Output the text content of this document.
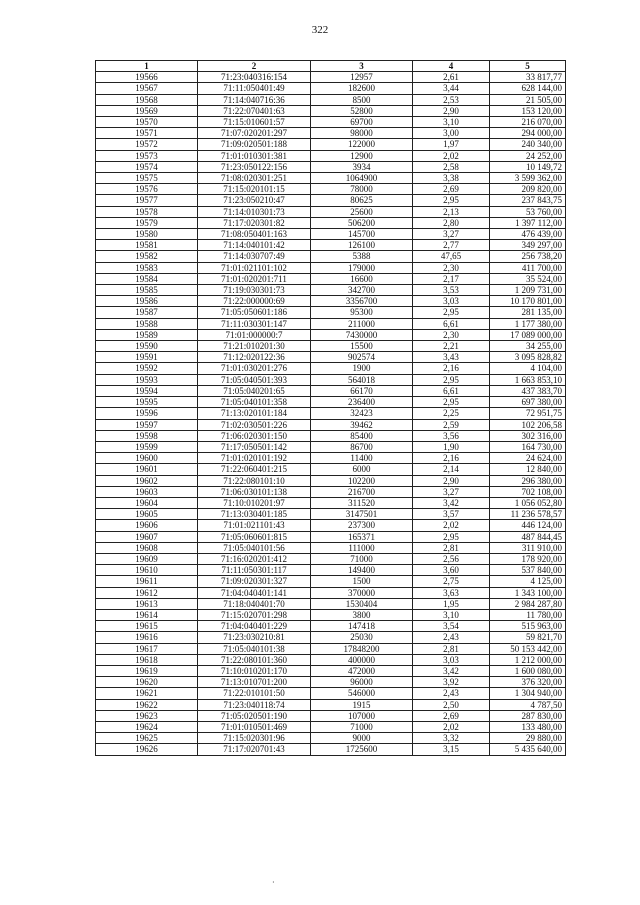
322
1	2	3	4	5
19566	71:23:040316:154	12957	2,61	33 817,77
19567	71:11:050401:49	182600	3,44	628 144,00
19568	71:14:040716:36	8500	2,53	21 505,00
19569	71:22:070401:63	52800	2,90	153 120,00
19570	71:15:010601:57	69700	3,10	216 070,00
19571	71:07:020201:297	98000	3,00	294 000,00
19572	71:09:020501:188	122000	1,97	240 340,00
19573	71:01:010301:381	12900	2,02	24 252,00
19574	71:23:050122:156	3934	2,58	10 149,72
19575	71:08:020301:251	1064900	3,38	3 599 362,00
19576	71:15:020101:15	78000	2,69	209 820,00
19577	71:23:050210:47	80625	2,95	237 843,75
19578	71:14:010301:73	25600	2,13	53 760,00
19579	71:17:020301:82	506200	2,80	1 397 112,00
19580	71:08:050401:163	145700	3,27	476 439,00
19581	71:14:040101:42	126100	2,77	349 297,00
19582	71:14:030707:49	5388	47,65	256 738,20
19583	71:01:021101:102	179000	2,30	411 700,00
19584	71:01:020201:711	16600	2,17	35 524,00
19585	71:19:030301:73	342700	3,53	1 209 731,00
19586	71:22:000000:69	3356700	3,03	10 170 801,00
19587	71:05:050601:186	95300	2,95	281 135,00
19588	71:11:030301:147	211000	6,61	1 177 380,00
19589	71:01:000000:7	7430000	2,30	17 089 000,00
19590	71:21:010201:30	15500	2,21	34 255,00
19591	71:12:020122:36	902574	3,43	3 095 828,82
19592	71:01:030201:276	1900	2,16	4 104,00
19593	71:05:040501:393	564018	2,95	1 663 853,10
19594	71:05:040201:65	66170	6,61	437 383,70
19595	71:05:040101:358	236400	2,95	697 380,00
19596	71:13:020101:184	32423	2,25	72 951,75
19597	71:02:030501:226	39462	2,59	102 206,58
19598	71:06:020301:150	85400	3,56	302 316,00
19599	71:17:050501:142	86700	1,90	164 730,00
19600	71:01:020101:192	11400	2,16	24 624,00
19601	71:22:060401:215	6000	2,14	12 840,00
19602	71:22:080101:10	102200	2,90	296 380,00
19603	71:06:030101:138	216700	3,27	702 108,00
19604	71:10:010201:97	311520	3,42	1 056 052,80
19605	71:13:030401:185	3147501	3,57	11 236 578,57
19606	71:01:021101:43	237300	2,02	446 124,00
19607	71:05:060601:815	165371	2,95	487 844,45
19608	71:05:040101:56	111000	2,81	311 910,00
19609	71:16:020201:412	71000	2,56	178 920,00
19610	71:11:050301:117	149400	3,60	537 840,00
19611	71:09:020301:327	1500	2,75	4 125,00
19612	71:04:040401:141	370000	3,63	1 343 100,00
19613	71:18:040401:70	1530404	1,95	2 984 287,80
19614	71:15:020701:298	3800	3,10	11 780,00
19615	71:04:040401:229	147418	3,54	515 963,00
19616	71:23:030210:81	25030	2,43	59 821,70
19617	71:05:040101:38	17848200	2,81	50 153 442,00
19618	71:22:080101:360	400000	3,03	1 212 000,00
19619	71:10:010201:170	472000	3,42	1 600 080,00
19620	71:13:010701:200	96000	3,92	376 320,00
19621	71:22:010101:50	546000	2,43	1 304 940,00
19622	71:23:040118:74	1915	2,50	4 787,50
19623	71:05:020501:190	107000	2,69	287 830,00
19624	71:01:010501:469	71000	2,02	133 480,00
19625	71:15:020301:96	9000	3,32	29 880,00
19626	71:17:020701:43	1725600	3,15	5 435 640,00
·
